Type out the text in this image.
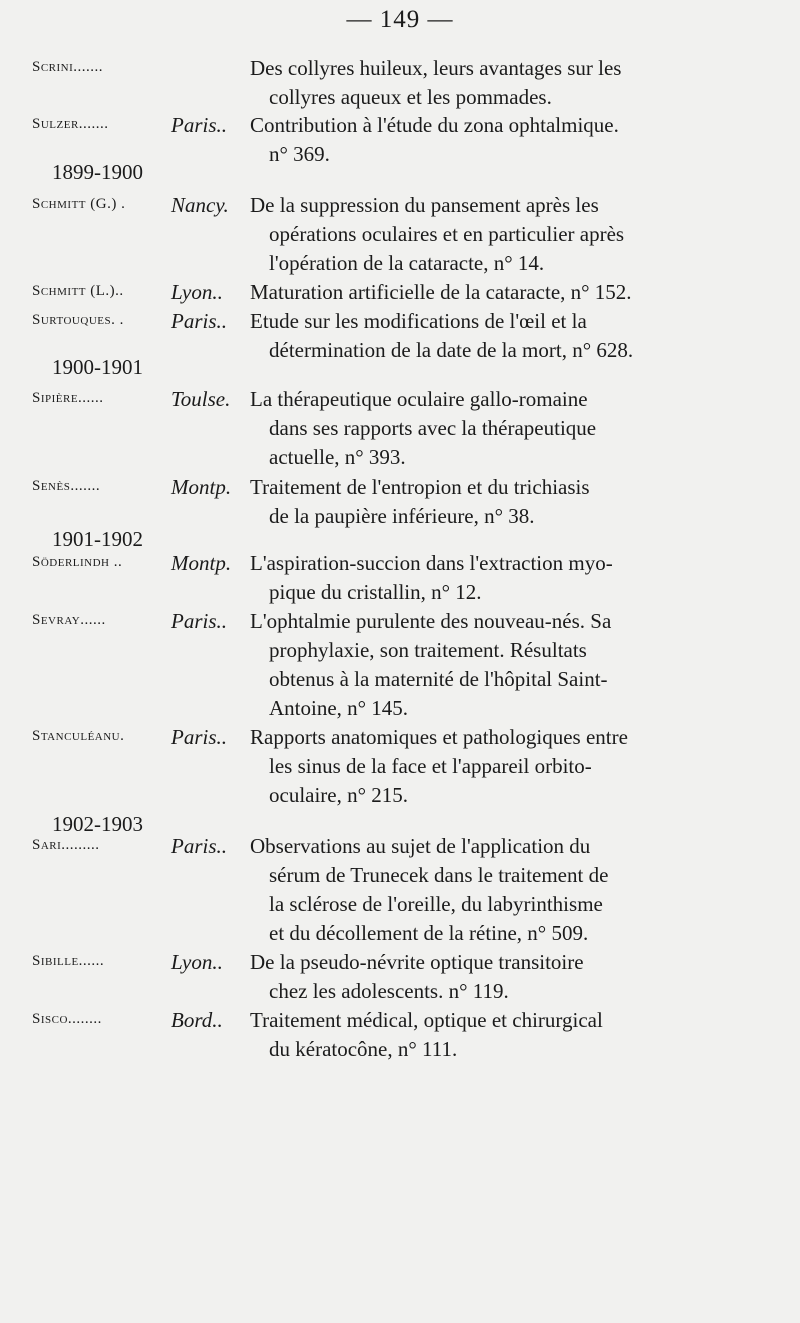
— 149 —
1899-1900
1900-1901
1901-1902
1902-1903
Scrini.......	Des collyres huileux, leurs avantages sur les
collyres aqueux et les pommades.
Sulzer.......	Paris.. Contribution à l'étude du zona ophtalmique.
n° 369.
Schmitt (G.) . Nancy. De la suppression du pansement après les
opérations oculaires et en particulier après
l'opération de la cataracte, n° 14.
Schmitt (L.).. Lyon.. Maturation artificielle de la cataracte, n° 152.
Surtouques. . Paris.. Etude sur les modifications de l'œil et la
détermination de la date de la mort, n° 628.
Sipière......	Toulse. La thérapeutique oculaire gallo-romaine
dans ses rapports avec la thérapeutique
actuelle, n° 393.
Senès.......	Montp. Traitement de l'entropion et du trichiasis
de la paupière inférieure, n° 38.
Söderlindh .. Montp. L'aspiration-succion dans l'extraction myo-
pique du cristallin, n° 12.
Sevray......	Paris.. L'ophtalmie purulente des nouveau-nés. Sa
prophylaxie, son traitement. Résultats
obtenus à la maternité de l'hôpital Saint-
Antoine, n° 145.
Stanculéanu. Paris.. Rapports anatomiques et pathologiques entre
les sinus de la face et l'appareil orbito-
oculaire, n° 215.
Sari.........	Paris.. Observations au sujet de l'application du
sérum de Trunecek dans le traitement de
la sclérose de l'oreille, du labyrinthisme
et du décollement de la rétine, n° 509.
Sibille......	Lyon.. De la pseudo-névrite optique transitoire
chez les adolescents. n° 119.
Sisco........	Bord.. Traitement médical, optique et chirurgical
du kératocône, n° 111.
